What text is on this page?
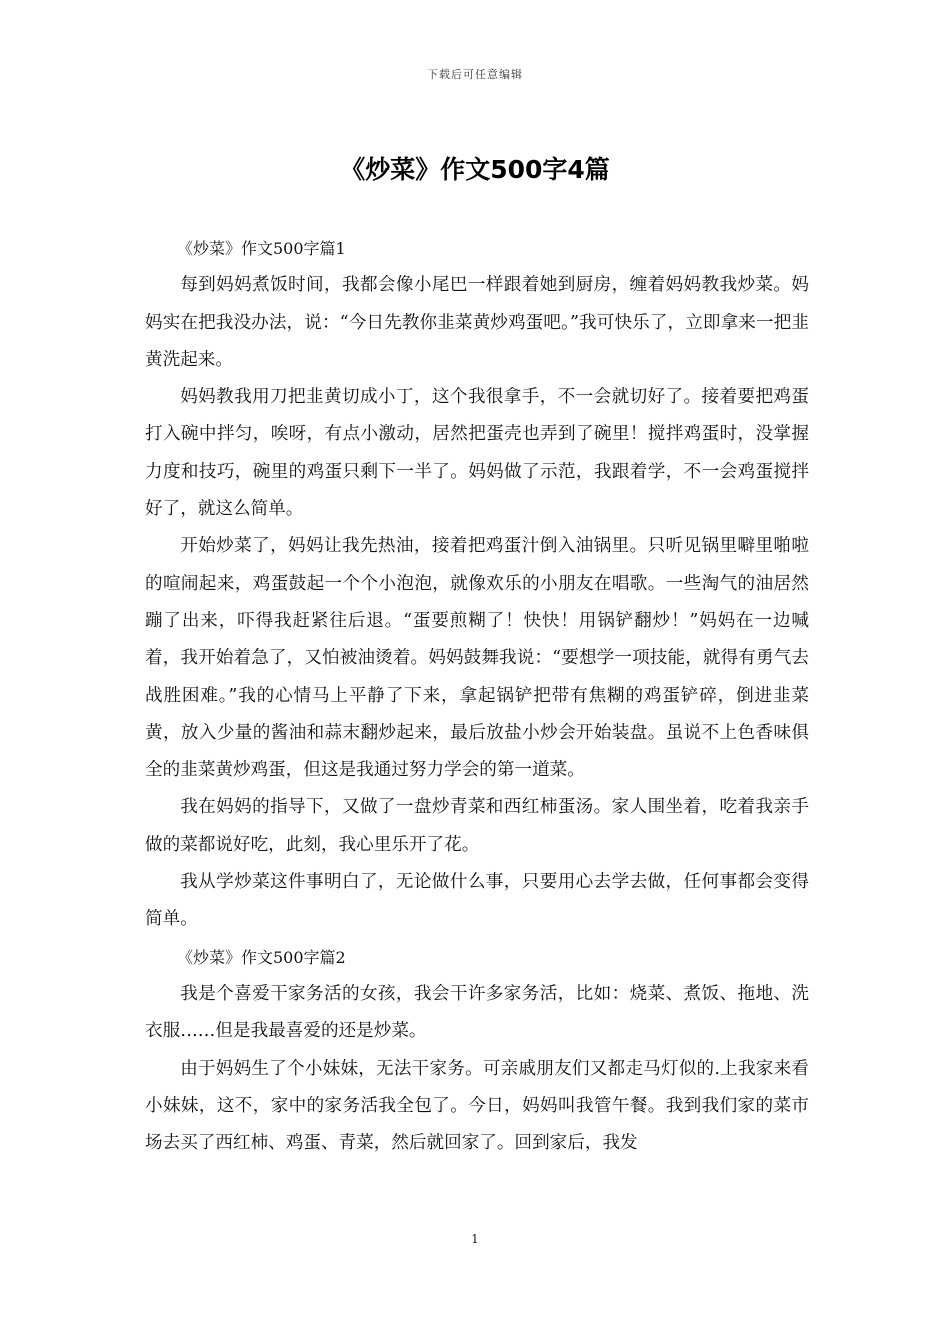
下载后可任意编辑
《炒菜》作文500字4篇

《炒菜》作文500字篇1

每到妈妈煮饭时间，我都会像小尾巴一样跟着她到厨房，缠着妈妈教我炒菜。妈妈实在把我没办法，说：“今日先教你韭菜黄炒鸡蛋吧。”我可快乐了，立即拿来一把韭黄洗起来。

妈妈教我用刀把韭黄切成小丁，这个我很拿手，不一会就切好了。接着要把鸡蛋打入碗中拌匀，唉呀，有点小激动，居然把蛋壳也弄到了碗里！搅拌鸡蛋时，没掌握力度和技巧，碗里的鸡蛋只剩下一半了。妈妈做了示范，我跟着学，不一会鸡蛋搅拌好了，就这么简单。

开始炒菜了，妈妈让我先热油，接着把鸡蛋汁倒入油锅里。只听见锅里噼里啪啦的喧闹起来，鸡蛋鼓起一个个小泡泡，就像欢乐的小朋友在唱歌。一些淘气的油居然蹦了出来，吓得我赶紧往后退。“蛋要煎糊了！快快！用锅铲翻炒！”妈妈在一边喊着，我开始着急了，又怕被油烫着。妈妈鼓舞我说：“要想学一项技能，就得有勇气去战胜困难。”我的心情马上平静了下来，拿起锅铲把带有焦糊的鸡蛋铲碎，倒进韭菜黄，放入少量的酱油和蒜末翻炒起来，最后放盐小炒会开始装盘。虽说不上色香味俱全的韭菜黄炒鸡蛋，但这是我通过努力学会的第一道菜。

我在妈妈的指导下，又做了一盘炒青菜和西红柿蛋汤。家人围坐着，吃着我亲手做的菜都说好吃，此刻，我心里乐开了花。

我从学炒菜这件事明白了，无论做什么事，只要用心去学去做，任何事都会变得简单。

《炒菜》作文500字篇2

我是个喜爱干家务活的女孩，我会干许多家务活，比如：烧菜、煮饭、拖地、洗衣服……但是我最喜爱的还是炒菜。

由于妈妈生了个小妹妹，无法干家务。可亲戚朋友们又都走马灯似的.上我家来看小妹妹，这不，家中的家务活我全包了。今日，妈妈叫我管午餐。我到我们家的菜市场去买了西红柿、鸡蛋、青菜，然后就回家了。回到家后，我发

1
